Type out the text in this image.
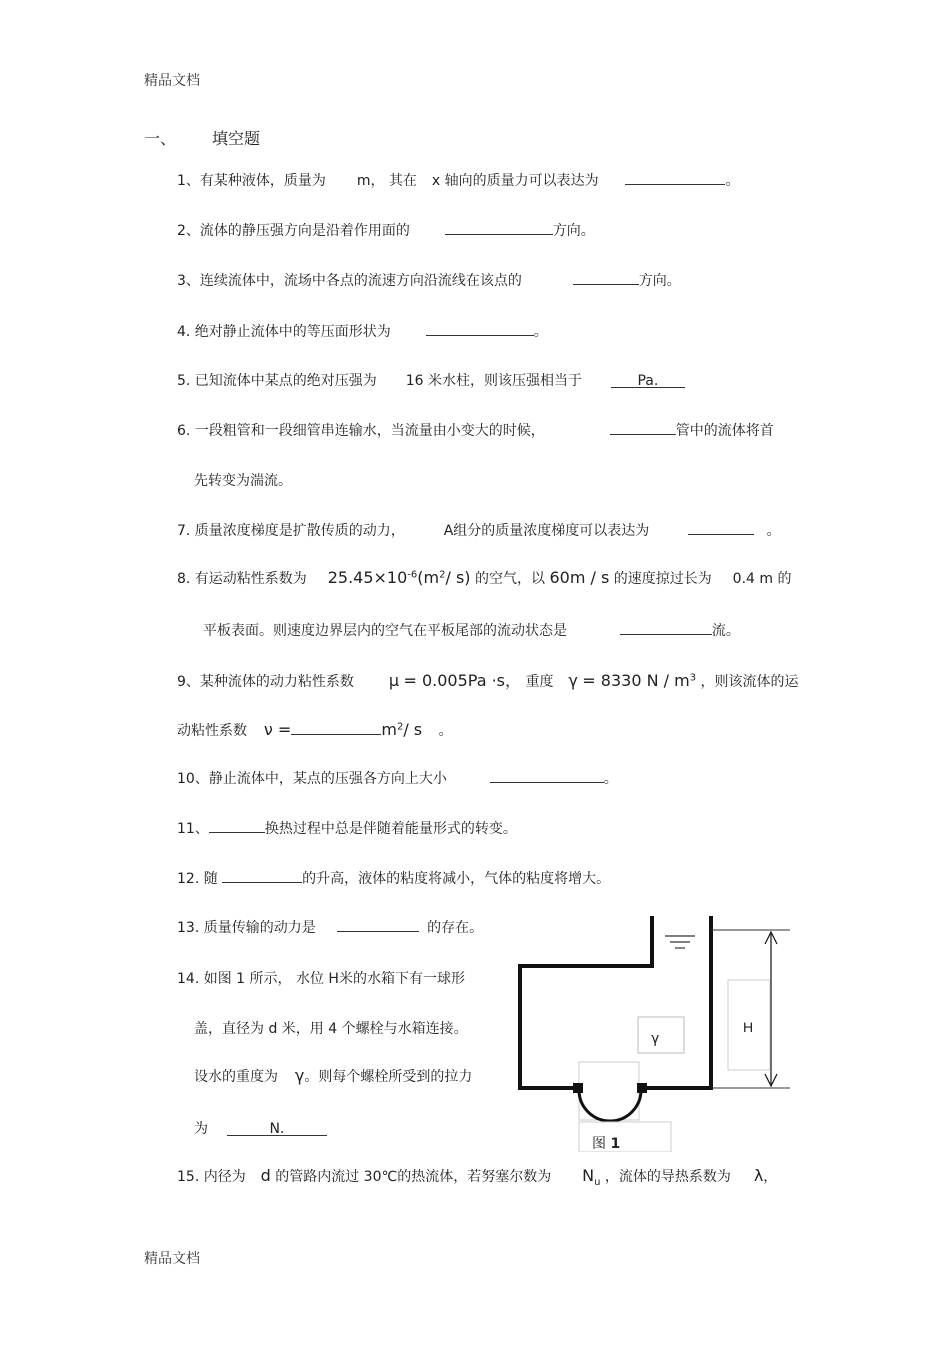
精品文档
一、 填空题
1、有某种液体，质量为 m， 其在 x 轴向的质量力可以表达为	。
2、流体的静压强方向是沿着作用面的	方向。
3、连续流体中，流场中各点的流速方向沿流线在该点的	方向。
4. 绝对静止流体中的等压面形状为	。
5. 已知流体中某点的绝对压强为 16 米水柱，则该压强相当于	Pa.
6. 一段粗管和一段细管串连输水，当流量由小变大的时候，	管中的流体将首
先转变为湍流。
7. 质量浓度梯度是扩散传质的动力，	A组分的质量浓度梯度可以表达为	。
8. 有运动粘性系数为 $25.45\times 10^{-6}(m^2/$ s) 的空气，以 60m / s 的速度掠过长为 0.4 m 的
平板表面。则速度边界层内的空气在平板尾部的流动状态是	流。
9、某种流体的动力粘性系数 μ = 0.005Pa ·s， 重度 γ = 8330 N / $m^3$ ，则该流体的运
动粘性系数 ν =	$m^2/$ s 。
10、静止流体中，某点的压强各方向上大小	。
11、	换热过程中总是伴随着能量形式的转变。
12. 随	的升高，液体的粘度将减小，气体的粘度将增大。
13. 质量传输的动力是	的存在。
14. 如图 1 所示， 水位 H米的水箱下有一球形
盖，直径为 d 米，用 4 个螺栓与水箱连接。
设水的重度为 γ。则每个螺栓所受到的拉力
为	N.
H
γ
图 1
15. 内径为 d 的管路内流过 30℃的热流体，若努塞尔数为 $N_u$ ，流体的导热系数为 λ，
精品文档
